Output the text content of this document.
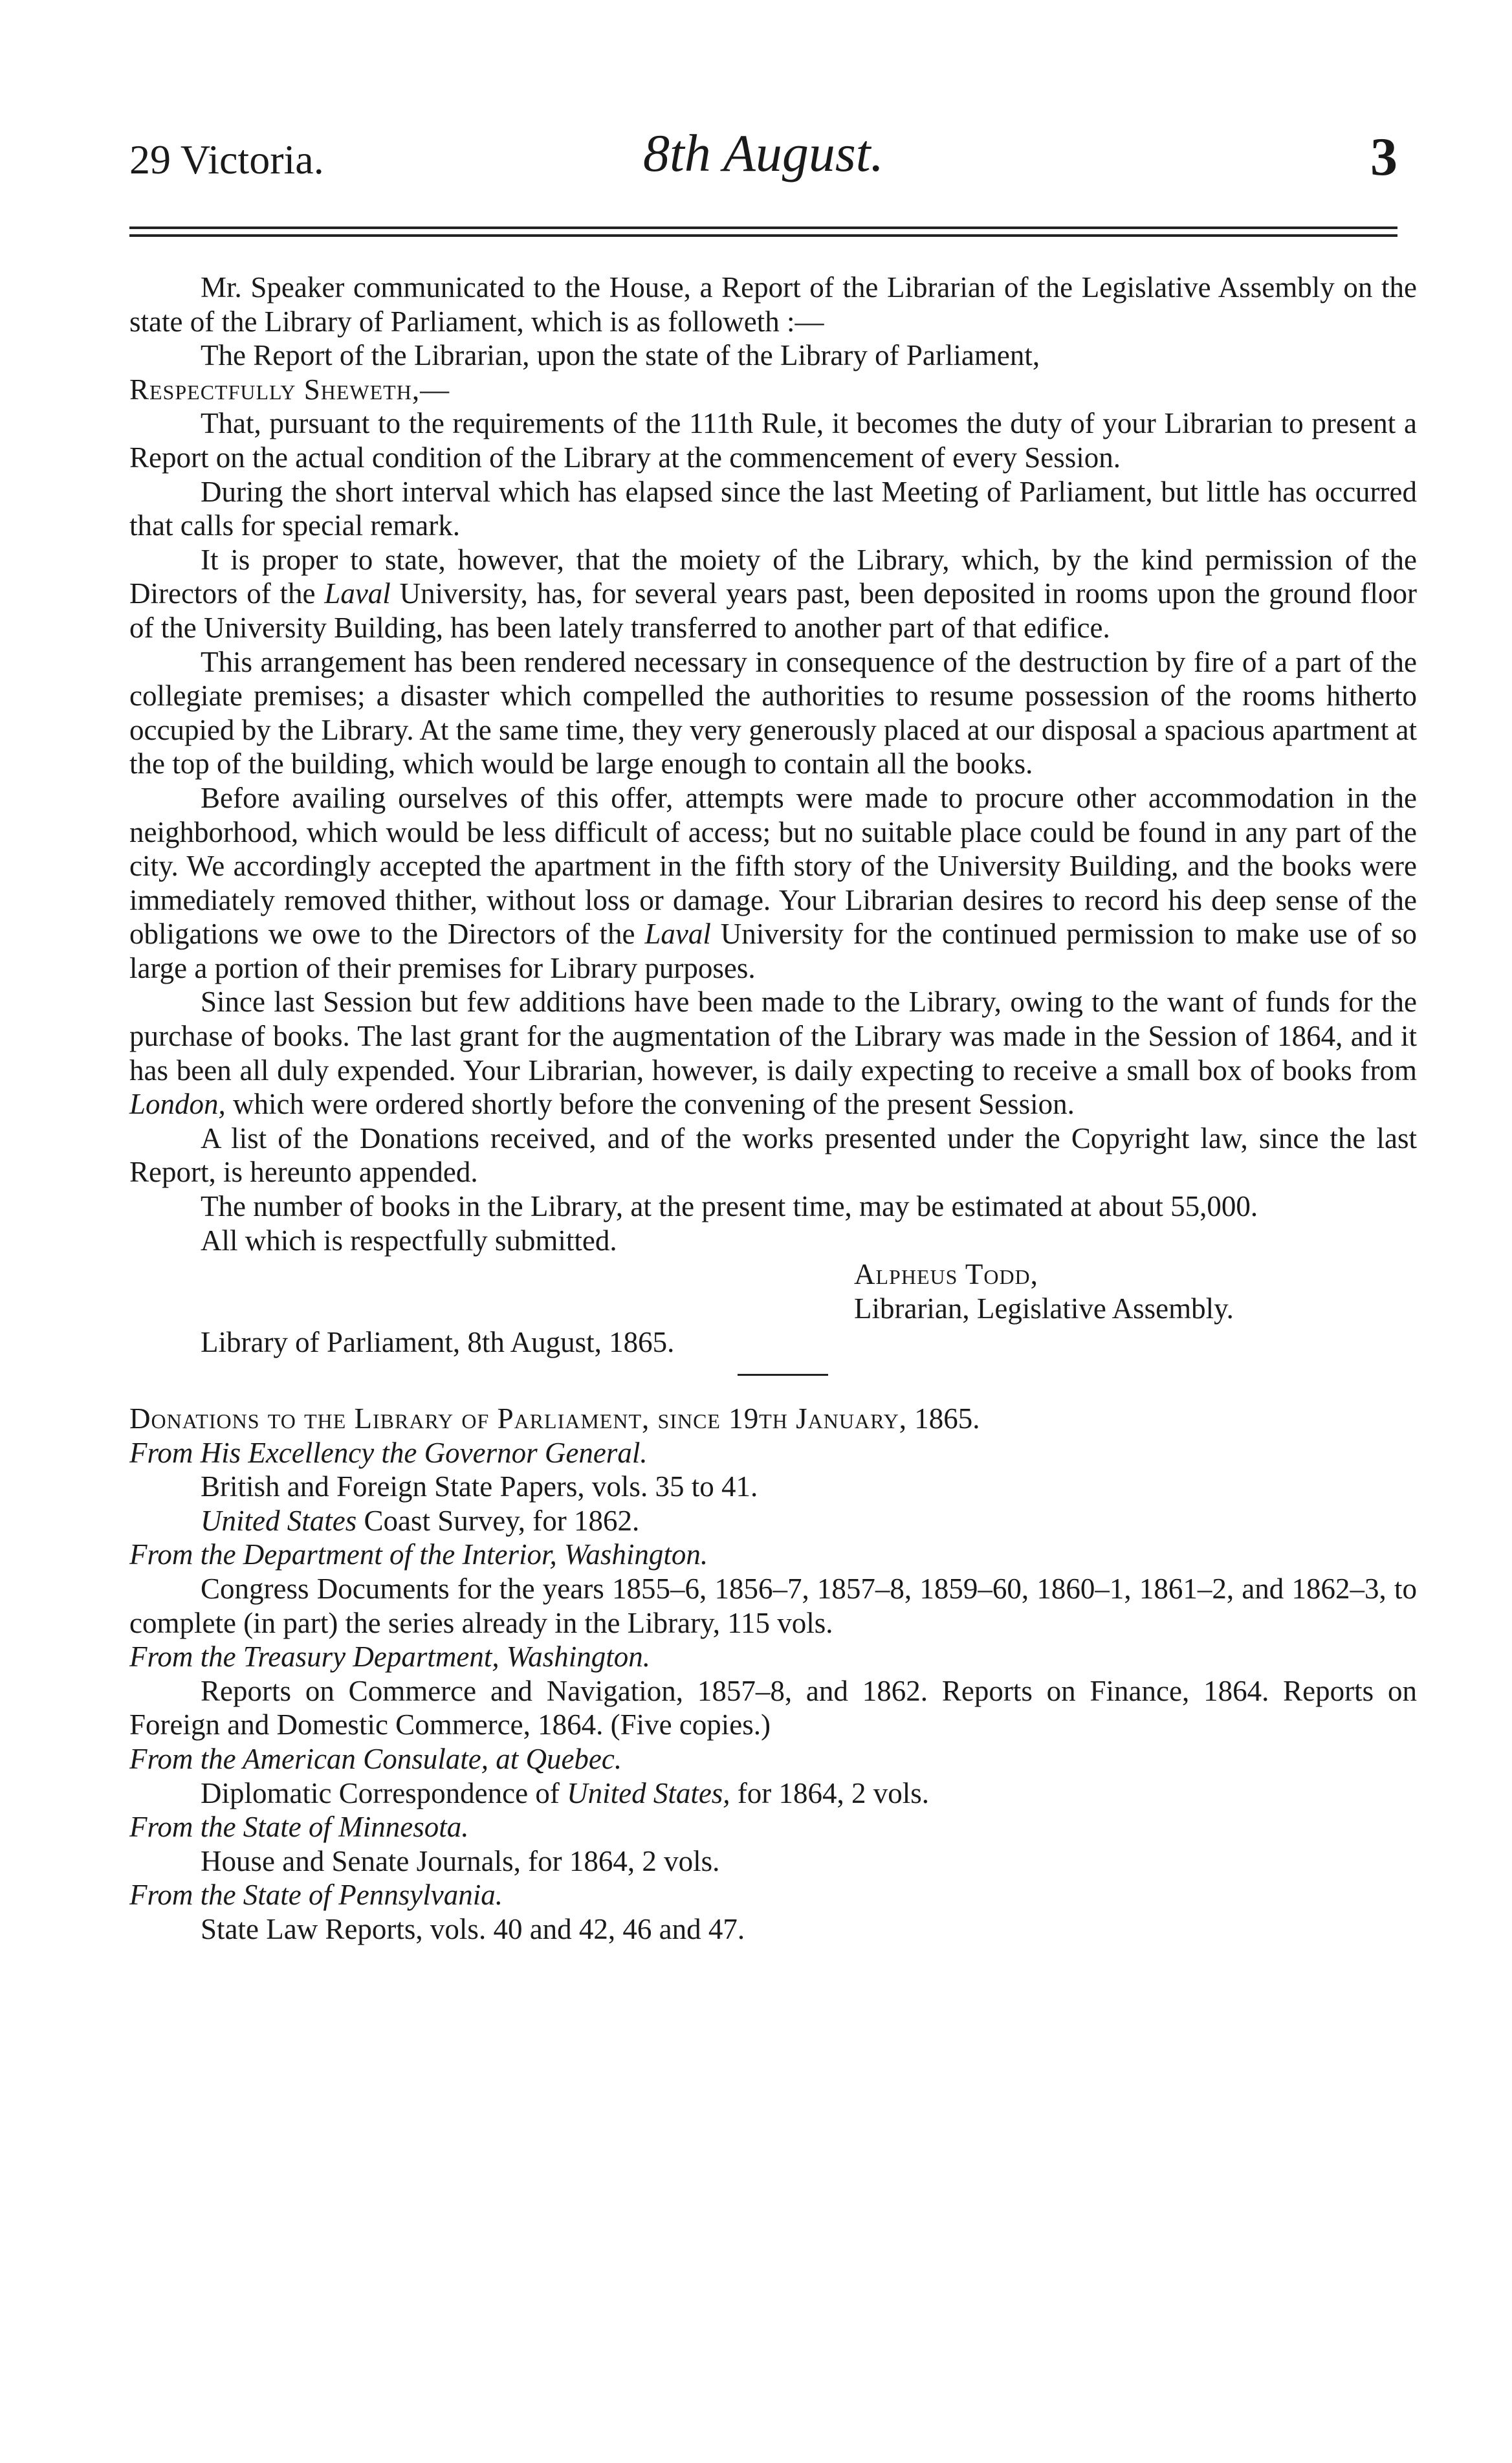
29 Victoria.	8th August.	3

Mr. Speaker communicated to the House, a Report of the Librarian of the Legislative Assembly on the state of the Library of Parliament, which is as followeth :—

The Report of the Librarian, upon the state of the Library of Parliament,

Respectfully Sheweth,—

That, pursuant to the requirements of the 111th Rule, it becomes the duty of your Librarian to present a Report on the actual condition of the Library at the commencement of every Session.

During the short interval which has elapsed since the last Meeting of Parliament, but little has occurred that calls for special remark.

It is proper to state, however, that the moiety of the Library, which, by the kind permission of the Directors of the Laval University, has, for several years past, been deposited in rooms upon the ground floor of the University Building, has been lately transferred to another part of that edifice.

This arrangement has been rendered necessary in consequence of the destruction by fire of a part of the collegiate premises; a disaster which compelled the authorities to resume possession of the rooms hitherto occupied by the Library. At the same time, they very generously placed at our disposal a spacious apartment at the top of the building, which would be large enough to contain all the books.

Before availing ourselves of this offer, attempts were made to procure other accommodation in the neighborhood, which would be less difficult of access; but no suitable place could be found in any part of the city. We accordingly accepted the apartment in the fifth story of the University Building, and the books were immediately removed thither, without loss or damage. Your Librarian desires to record his deep sense of the obligations we owe to the Directors of the Laval University for the continued permission to make use of so large a portion of their premises for Library purposes.

Since last Session but few additions have been made to the Library, owing to the want of funds for the purchase of books. The last grant for the augmentation of the Library was made in the Session of 1864, and it has been all duly expended. Your Librarian, however, is daily expecting to receive a small box of books from London, which were ordered shortly before the convening of the present Session.

A list of the Donations received, and of the works presented under the Copyright law, since the last Report, is hereunto appended.

The number of books in the Library, at the present time, may be estimated at about 55,000.

All which is respectfully submitted.

Alpheus Todd,

Librarian, Legislative Assembly.

Library of Parliament, 8th August, 1865.

Donations to the Library of Parliament, since 19th January, 1865.

From His Excellency the Governor General.

British and Foreign State Papers, vols. 35 to 41.

United States Coast Survey, for 1862.

From the Department of the Interior, Washington.

Congress Documents for the years 1855–6, 1856–7, 1857–8, 1859–60, 1860–1, 1861–2, and 1862–3, to complete (in part) the series already in the Library, 115 vols.

From the Treasury Department, Washington.

Reports on Commerce and Navigation, 1857–8, and 1862. Reports on Finance, 1864. Reports on Foreign and Domestic Commerce, 1864. (Five copies.)

From the American Consulate, at Quebec.

Diplomatic Correspondence of United States, for 1864, 2 vols.

From the State of Minnesota.

House and Senate Journals, for 1864, 2 vols.

From the State of Pennsylvania.

State Law Reports, vols. 40 and 42, 46 and 47.
